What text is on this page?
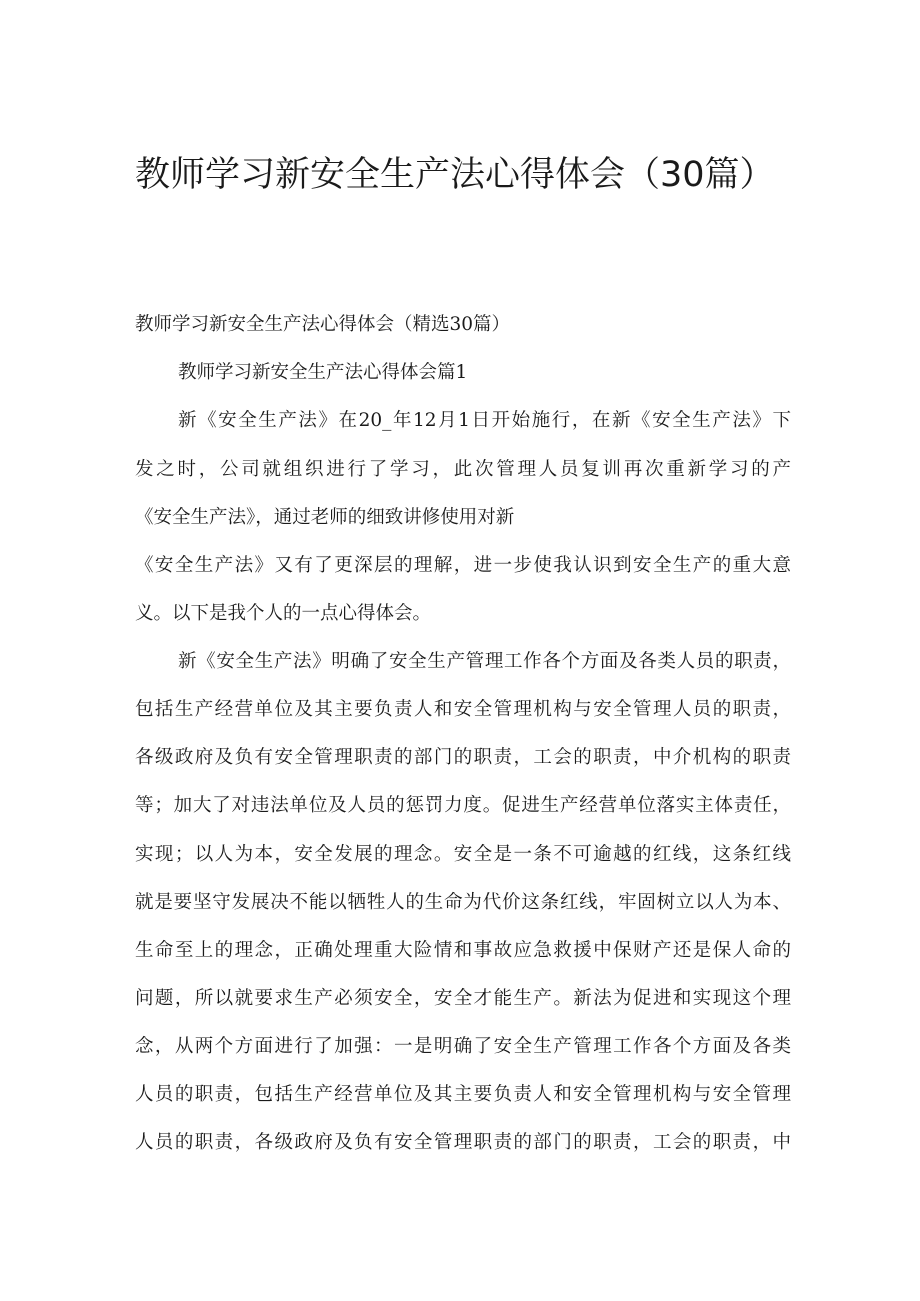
教师学习新安全生产法心得体会（30篇）

教师学习新安全生产法心得体会（精选30篇）

教师学习新安全生产法心得体会篇1

新《安全生产法》在20_年12月1日开始施行，在新《安全生产法》下

发之时，公司就组织进行了学习，此次管理人员复训再次重新学习的产

《安全生产法》，通过老师的细致讲修使用对新

《安全生产法》又有了更深层的理解，进一步使我认识到安全生产的重大意

义。以下是我个人的一点心得体会。

新《安全生产法》明确了安全生产管理工作各个方面及各类人员的职责，

包括生产经营单位及其主要负责人和安全管理机构与安全管理人员的职责，

各级政府及负有安全管理职责的部门的职责，工会的职责，中介机构的职责

等；加大了对违法单位及人员的惩罚力度。促进生产经营单位落实主体责任，

实现；以人为本，安全发展的理念。安全是一条不可逾越的红线，这条红线

就是要坚守发展决不能以牺牲人的生命为代价这条红线，牢固树立以人为本、

生命至上的理念，正确处理重大险情和事故应急救援中保财产还是保人命的

问题，所以就要求生产必须安全，安全才能生产。新法为促进和实现这个理

念，从两个方面进行了加强：一是明确了安全生产管理工作各个方面及各类

人员的职责，包括生产经营单位及其主要负责人和安全管理机构与安全管理

人员的职责，各级政府及负有安全管理职责的部门的职责，工会的职责，中
